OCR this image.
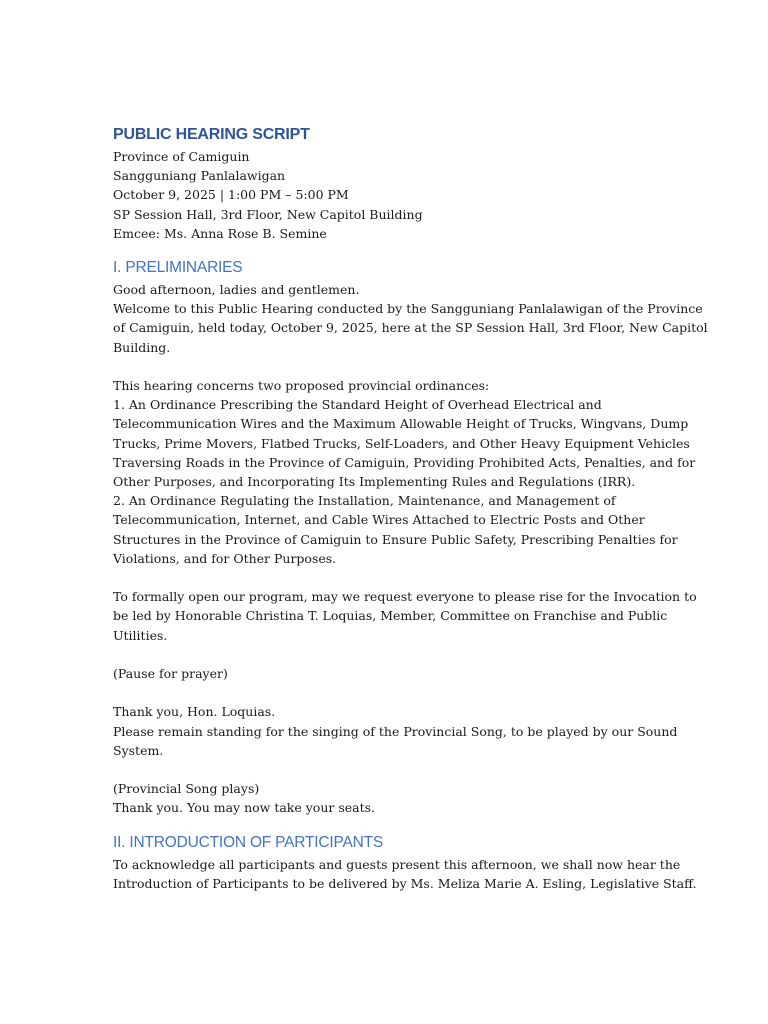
PUBLIC HEARING SCRIPT
Province of Camiguin
Sangguniang Panlalawigan
October 9, 2025 | 1:00 PM – 5:00 PM
SP Session Hall, 3rd Floor, New Capitol Building
Emcee: Ms. Anna Rose B. Semine
I. PRELIMINARIES
Good afternoon, ladies and gentlemen.
Welcome to this Public Hearing conducted by the Sangguniang Panlalawigan of the Province
of Camiguin, held today, October 9, 2025, here at the SP Session Hall, 3rd Floor, New Capitol
Building.
This hearing concerns two proposed provincial ordinances:
1. An Ordinance Prescribing the Standard Height of Overhead Electrical and
Telecommunication Wires and the Maximum Allowable Height of Trucks, Wingvans, Dump
Trucks, Prime Movers, Flatbed Trucks, Self-Loaders, and Other Heavy Equipment Vehicles
Traversing Roads in the Province of Camiguin, Providing Prohibited Acts, Penalties, and for
Other Purposes, and Incorporating Its Implementing Rules and Regulations (IRR).
2. An Ordinance Regulating the Installation, Maintenance, and Management of
Telecommunication, Internet, and Cable Wires Attached to Electric Posts and Other
Structures in the Province of Camiguin to Ensure Public Safety, Prescribing Penalties for
Violations, and for Other Purposes.
To formally open our program, may we request everyone to please rise for the Invocation to
be led by Honorable Christina T. Loquias, Member, Committee on Franchise and Public
Utilities.
(Pause for prayer)
Thank you, Hon. Loquias.
Please remain standing for the singing of the Provincial Song, to be played by our Sound
System.
(Provincial Song plays)
Thank you. You may now take your seats.
II. INTRODUCTION OF PARTICIPANTS
To acknowledge all participants and guests present this afternoon, we shall now hear the
Introduction of Participants to be delivered by Ms. Meliza Marie A. Esling, Legislative Staff.
